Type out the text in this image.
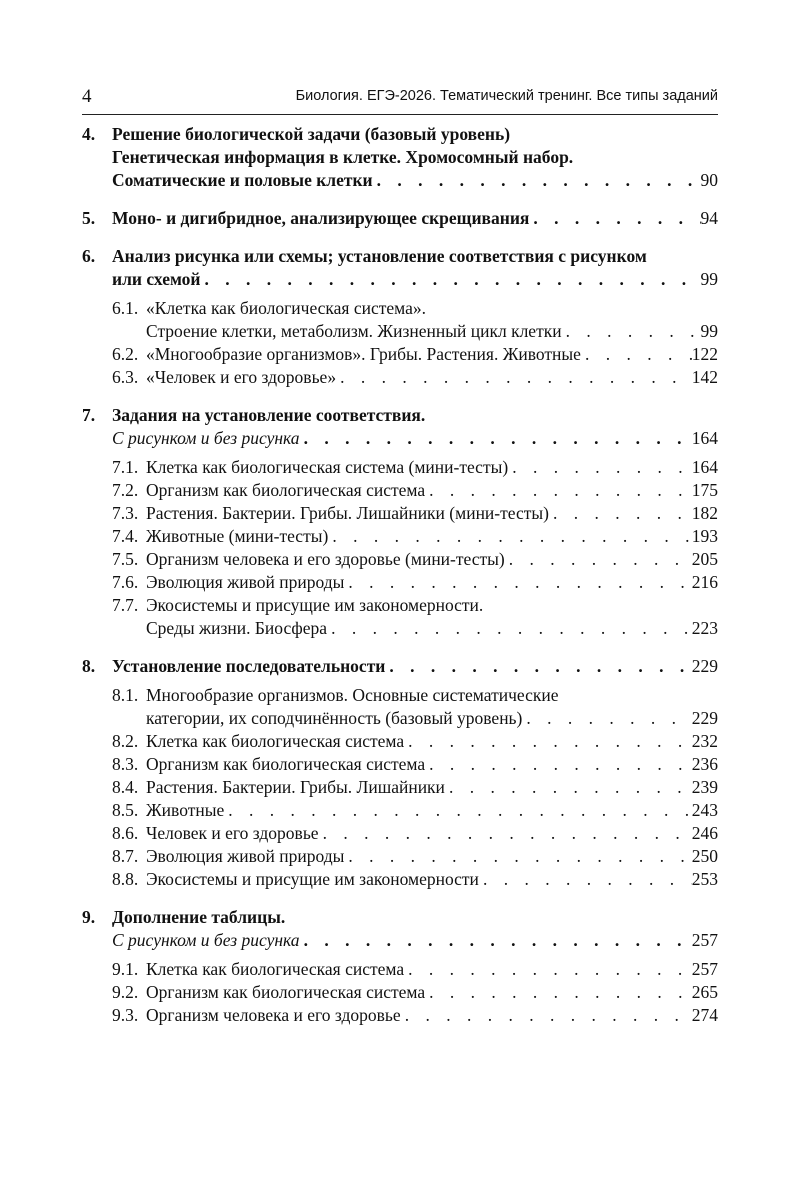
4	Биология. ЕГЭ-2026. Тематический тренинг. Все типы заданий
4. Решение биологической задачи (базовый уровень)
Генетическая информация в клетке. Хромосомный набор.
Соматические и половые клетки . . .	90
5. Моно- и дигибридное, анализирующее скрещивания . . .	94
6. Анализ рисунка или схемы; установление соответствия с рисунком
или схемой . . .	99
6.1. «Клетка как биологическая система».
Строение клетки, метаболизм. Жизненный цикл клетки . . .	99
6.2. «Многообразие организмов». Грибы. Растения. Животные . . .	122
6.3. «Человек и его здоровье» . . .	142
7. Задания на установление соответствия.
С рисунком и без рисунка . . .	164
7.1. Клетка как биологическая система (мини-тесты) . . .	164
7.2. Организм как биологическая система . . .	175
7.3. Растения. Бактерии. Грибы. Лишайники (мини-тесты) . . .	182
7.4. Животные (мини-тесты) . . .	193
7.5. Организм человека и его здоровье (мини-тесты) . . .	205
7.6. Эволюция живой природы . . .	216
7.7. Экосистемы и присущие им закономерности.
Среды жизни. Биосфера . . .	223
8. Установление последовательности . . .	229
8.1. Многообразие организмов. Основные систематические
категории, их соподчинённость (базовый уровень) . . .	229
8.2. Клетка как биологическая система . . .	232
8.3. Организм как биологическая система . . .	236
8.4. Растения. Бактерии. Грибы. Лишайники . . .	239
8.5. Животные . . .	243
8.6. Человек и его здоровье . . .	246
8.7. Эволюция живой природы . . .	250
8.8. Экосистемы и присущие им закономерности . . .	253
9. Дополнение таблицы.
С рисунком и без рисунка . . .	257
9.1. Клетка как биологическая система . . .	257
9.2. Организм как биологическая система . . .	265
9.3. Организм человека и его здоровье . . .	274
